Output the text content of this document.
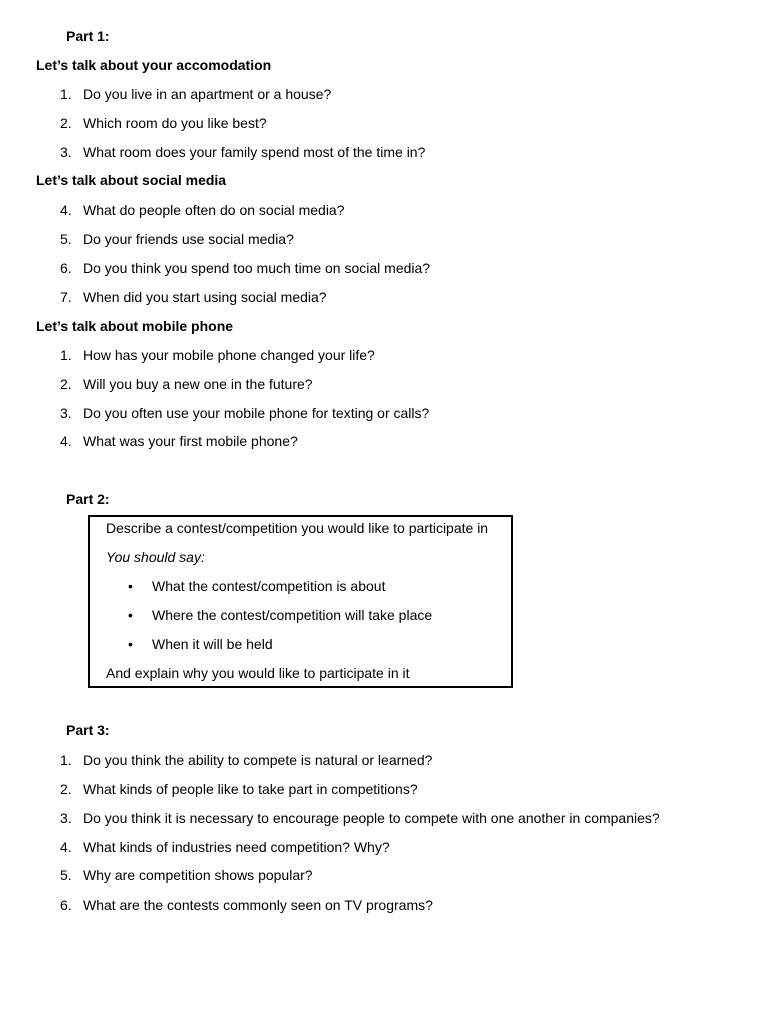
Part 1:
Let’s talk about your accomodation
1. Do you live in an apartment or a house?
2. Which room do you like best?
3. What room does your family spend most of the time in?
Let’s talk about social media
4. What do people often do on social media?
5. Do your friends use social media?
6. Do you think you spend too much time on social media?
7. When did you start using social media?
Let’s talk about mobile phone
1. How has your mobile phone changed your life?
2. Will you buy a new one in the future?
3. Do you often use your mobile phone for texting or calls?
4. What was your first mobile phone?
Part 2:
Describe a contest/competition you would like to participate in
You should say:
• What the contest/competition is about
• Where the contest/competition will take place
• When it will be held
And explain why you would like to participate in it
Part 3:
1. Do you think the ability to compete is natural or learned?
2. What kinds of people like to take part in competitions?
3. Do you think it is necessary to encourage people to compete with one another in companies?
4. What kinds of industries need competition? Why?
5. Why are competition shows popular?
6. What are the contests commonly seen on TV programs?
